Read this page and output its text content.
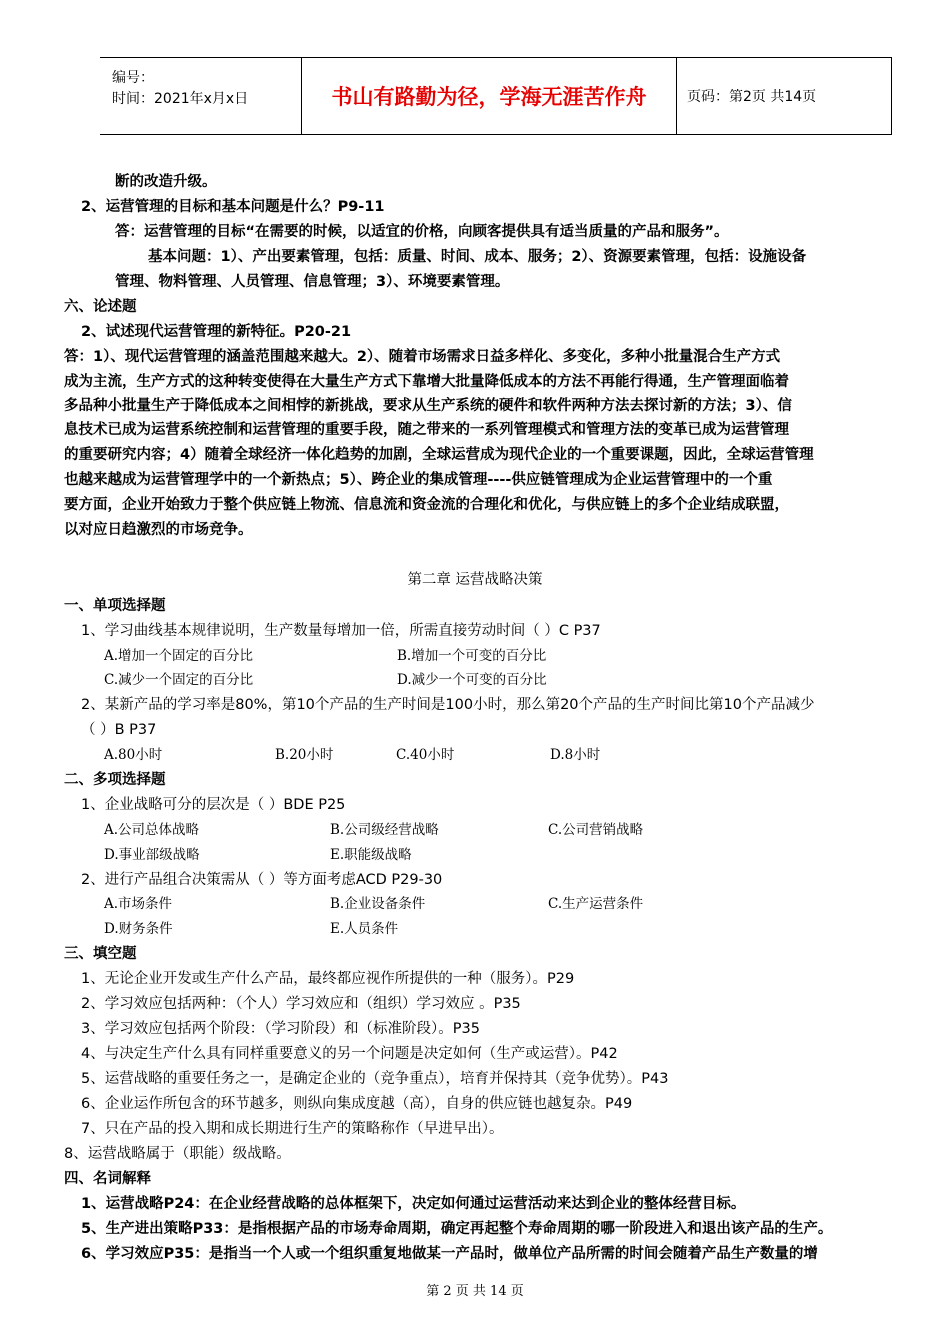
编号：
时间：2021年x月x日	书山有路勤为径，学海无涯苦作舟	页码：第2页 共14页
断的改造升级。
2、运营管理的目标和基本问题是什么？P9-11
答：运营管理的目标“在需要的时候，以适宜的价格，向顾客提供具有适当质量的产品和服务”。
基本问题：1）、产出要素管理，包括：质量、时间、成本、服务；2）、资源要素管理，包括：设施设备
管理、物料管理、人员管理、信息管理；3）、环境要素管理。
六、论述题
2、试述现代运营管理的新特征。P20-21
答：1）、现代运营管理的涵盖范围越来越大。2）、随着市场需求日益多样化、多变化，多种小批量混合生产方式
成为主流，生产方式的这种转变使得在大量生产方式下靠增大批量降低成本的方法不再能行得通，生产管理面临着
多品种小批量生产于降低成本之间相悖的新挑战，要求从生产系统的硬件和软件两种方法去探讨新的方法；3）、信
息技术已成为运营系统控制和运营管理的重要手段，随之带来的一系列管理模式和管理方法的变革已成为运营管理
的重要研究内容；4）随着全球经济一体化趋势的加剧，全球运营成为现代企业的一个重要课题，因此，全球运营管理
也越来越成为运营管理学中的一个新热点；5）、跨企业的集成管理----供应链管理成为企业运营管理中的一个重
要方面，企业开始致力于整个供应链上物流、信息流和资金流的合理化和优化，与供应链上的多个企业结成联盟，
以对应日趋激烈的市场竞争。
第二章 运营战略决策
一、单项选择题
1、学习曲线基本规律说明，生产数量每增加一倍，所需直接劳动时间（ ）C P37
A.增加一个固定的百分比	B.增加一个可变的百分比
C.减少一个固定的百分比	D.减少一个可变的百分比
2、某新产品的学习率是80%，第10个产品的生产时间是100小时，那么第20个产品的生产时间比第10个产品减少
（ ）B P37
A.80小时	B.20小时	C.40小时	D.8小时
二、多项选择题
1、企业战略可分的层次是（ ）BDE P25
A.公司总体战略	B.公司级经营战略	C.公司营销战略
D.事业部级战略	E.职能级战略
2、进行产品组合决策需从（ ）等方面考虑ACD P29-30
A.市场条件	B.企业设备条件	C.生产运营条件
D.财务条件	E.人员条件
三、填空题
1、无论企业开发或生产什么产品，最终都应视作所提供的一种（服务）。P29
2、学习效应包括两种：（个人）学习效应和（组织）学习效应 。P35
3、学习效应包括两个阶段：（学习阶段）和（标准阶段）。P35
4、与决定生产什么具有同样重要意义的另一个问题是决定如何（生产或运营）。P42
5、运营战略的重要任务之一，是确定企业的（竞争重点），培育并保持其（竞争优势）。P43
6、企业运作所包含的环节越多，则纵向集成度越（高），自身的供应链也越复杂。P49
7、只在产品的投入期和成长期进行生产的策略称作（早进早出）。
8、运营战略属于（职能）级战略。
四、名词解释
1、运营战略P24：在企业经营战略的总体框架下，决定如何通过运营活动来达到企业的整体经营目标。
5、生产进出策略P33：是指根据产品的市场寿命周期，确定再起整个寿命周期的哪一阶段进入和退出该产品的生产。
6、学习效应P35：是指当一个人或一个组织重复地做某一产品时，做单位产品所需的时间会随着产品生产数量的增
第 2 页 共 14 页
